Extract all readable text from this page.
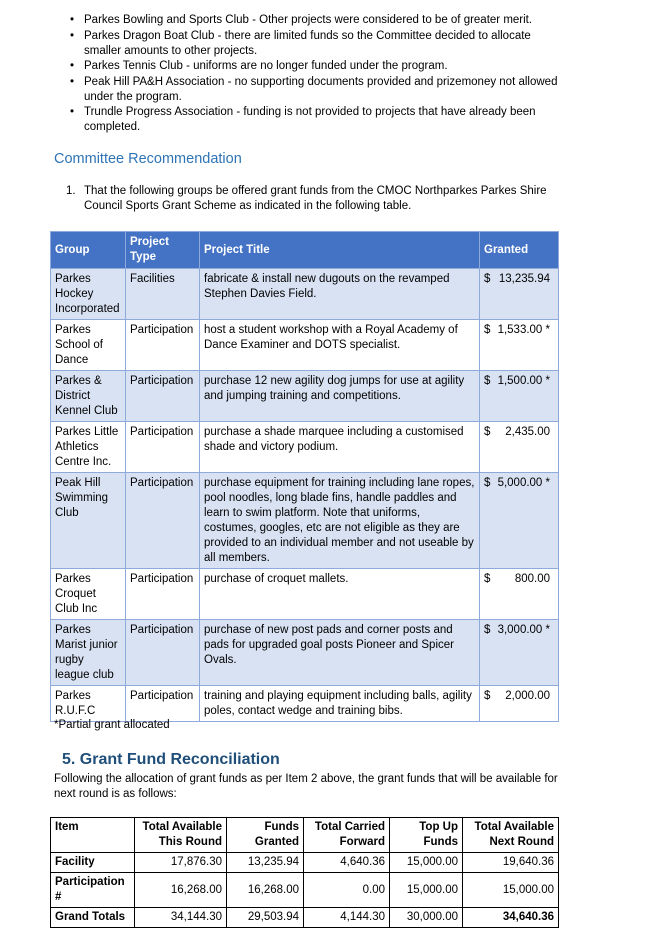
• Parkes Bowling and Sports Club - Other projects were considered to be of greater merit.
• Parkes Dragon Boat Club - there are limited funds so the Committee decided to allocate smaller amounts to other projects.
• Parkes Tennis Club - uniforms are no longer funded under the program.
• Peak Hill PA&H Association - no supporting documents provided and prizemoney not allowed under the program.
• Trundle Progress Association - funding is not provided to projects that have already been completed.
Committee Recommendation
1. That the following groups be offered grant funds from the CMOC Northparkes Parkes Shire Council Sports Grant Scheme as indicated in the following table.
Group	Project Type	Project Title	Granted
Parkes Hockey Incorporated	Facilities	fabricate & install new dugouts on the revamped Stephen Davies Field.	$ 13,235.94

Parkes School of Dance	Participation	host a student workshop with a Royal Academy of Dance Examiner and DOTS specialist.	$ 1,533.00 *

Parkes & District Kennel Club	Participation	purchase 12 new agility dog jumps for use at agility and jumping training and competitions.	$ 1,500.00 *

Parkes Little Athletics Centre Inc.	Participation	purchase a shade marquee including a customised shade and victory podium.	$ 2,435.00

Peak Hill Swimming Club	Participation	purchase equipment for training including lane ropes, pool noodles, long blade fins, handle paddles and learn to swim platform. Note that uniforms, costumes, googles, etc are not eligible as they are provided to an individual member and not useable by all members.	$ 5,000.00 *

Parkes Croquet Club Inc	Participation	purchase of croquet mallets.	$ 800.00

Parkes Marist junior rugby league club	Participation	purchase of new post pads and corner posts and pads for upgraded goal posts Pioneer and Spicer Ovals.	$ 3,000.00 *

Parkes R.U.F.C	Participation	training and playing equipment including balls, agility poles, contact wedge and training bibs.	$ 2,000.00
*Partial grant allocated
5. Grant Fund Reconciliation
Following the allocation of grant funds as per Item 2 above, the grant funds that will be available for next round is as follows:
Item	Total Available This Round	Funds Granted	Total Carried Forward	Top Up Funds	Total Available Next Round
Facility	17,876.30	13,235.94	4,640.36	15,000.00	19,640.36
Participation #	16,268.00	16,268.00	0.00	15,000.00	15,000.00
Grand Totals	34,144.30	29,503.94	4,144.30	30,000.00	34,640.36
